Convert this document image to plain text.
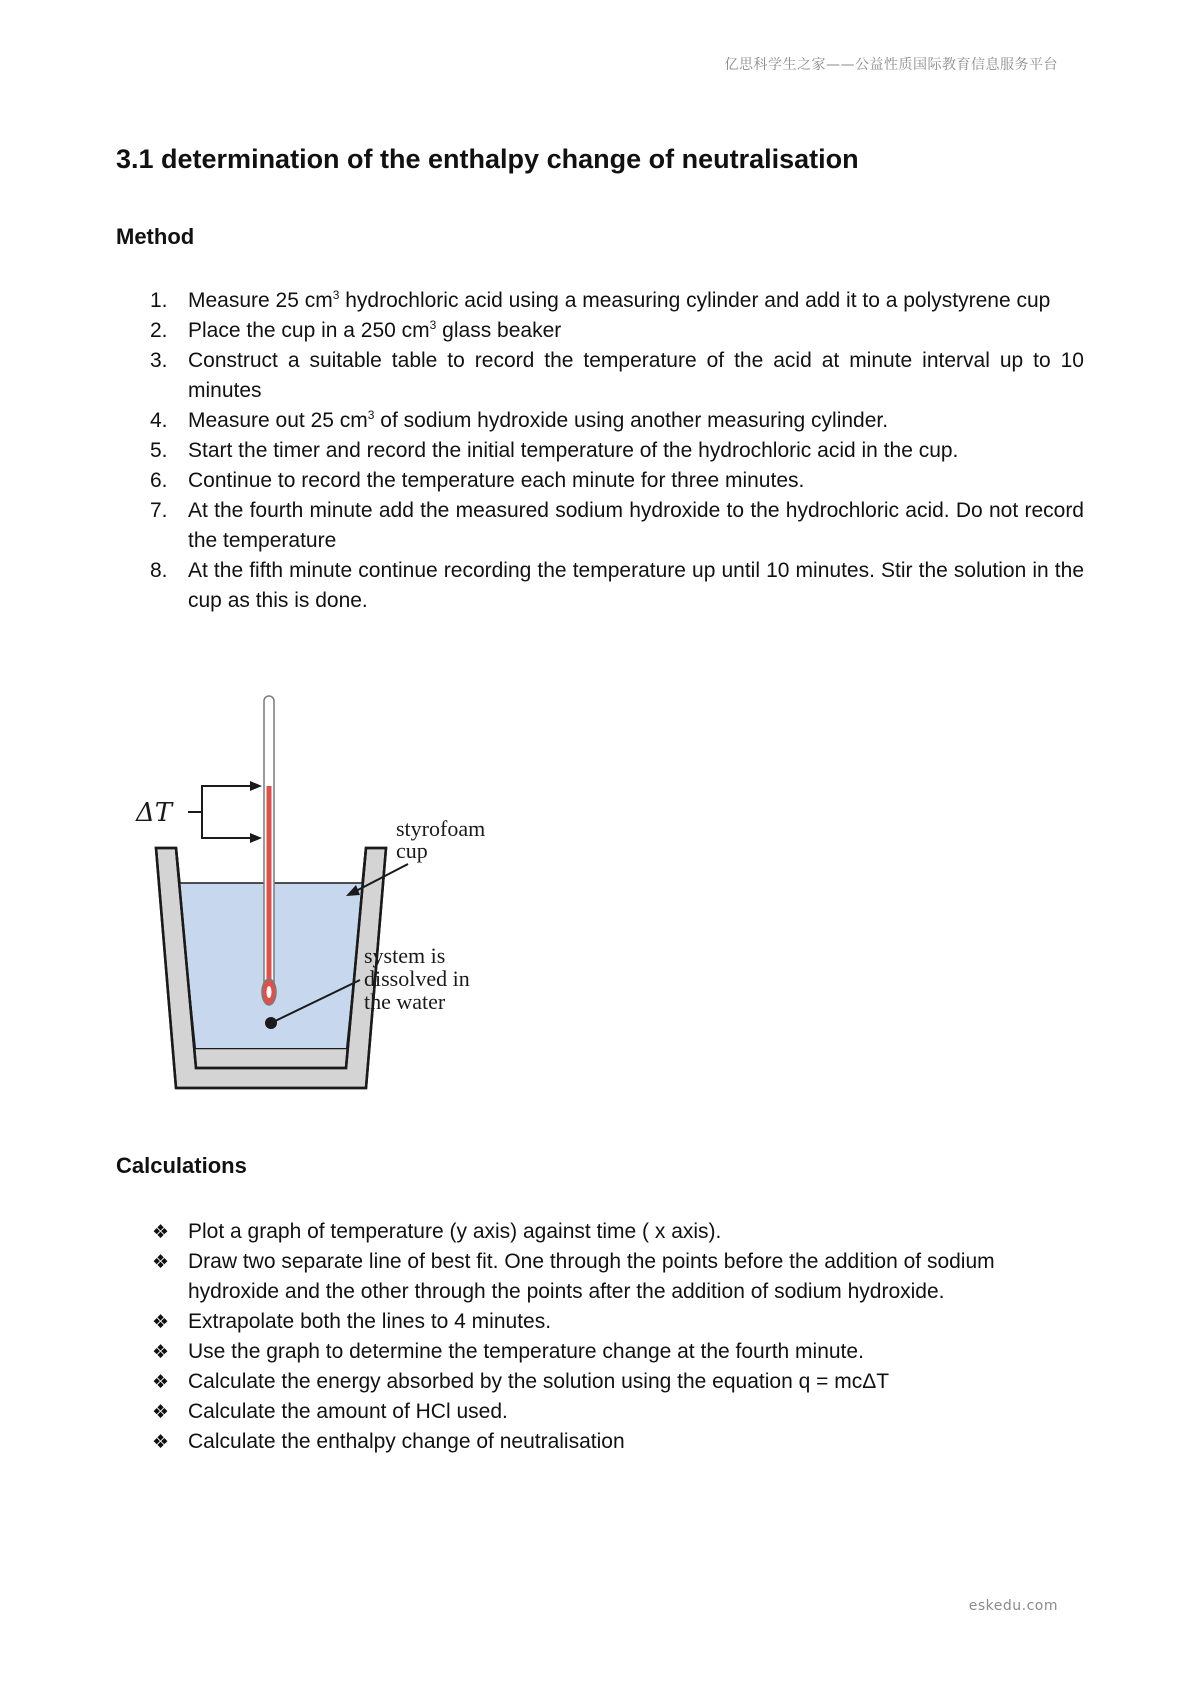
亿思科学生之家——公益性质国际教育信息服务平台
3.1 determination of the enthalpy change of neutralisation
Method
1. Measure 25 $cm^3$ hydrochloric acid using a measuring cylinder and add it to a polystyrene cup
2. Place the cup in a 250 $cm^3$ glass beaker
3. Construct a suitable table to record the temperature of the acid at minute interval up to 10 minutes
4. Measure out 25 $cm^3$ of sodium hydroxide using another measuring cylinder.
5. Start the timer and record the initial temperature of the hydrochloric acid in the cup.
6. Continue to record the temperature each minute for three minutes.
7. At the fourth minute add the measured sodium hydroxide to the hydrochloric acid. Do not record the temperature
8. At the fifth minute continue recording the temperature up until 10 minutes. Stir the solution in the cup as this is done.
ΔT
styrofoam
cup
system is
dissolved in
the water
Calculations
❖ Plot a graph of temperature (y axis) against time ( x axis).
❖ Draw two separate line of best fit. One through the points before the addition of sodium hydroxide and the other through the points after the addition of sodium hydroxide.
❖ Extrapolate both the lines to 4 minutes.
❖ Use the graph to determine the temperature change at the fourth minute.
❖ Calculate the energy absorbed by the solution using the equation q = mcΔT
❖ Calculate the amount of HCl used.
❖ Calculate the enthalpy change of neutralisation
eskedu.com
